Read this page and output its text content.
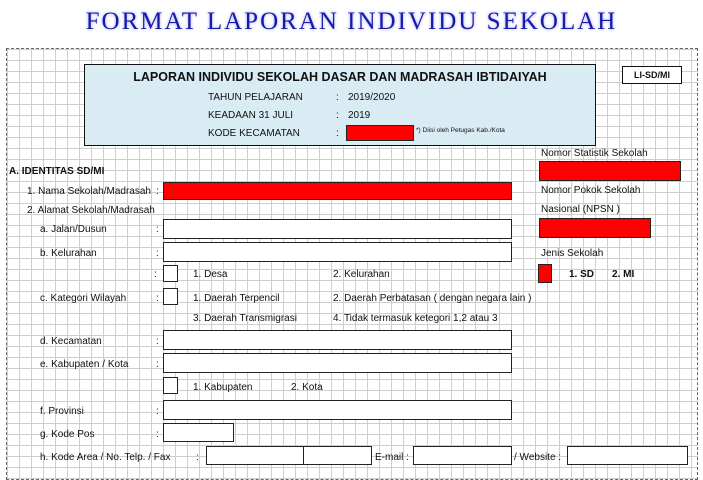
FORMAT LAPORAN INDIVIDU SEKOLAH
LAPORAN INDIVIDU SEKOLAH DASAR DAN MADRASAH IBTIDAIYAH
TAHUN PELAJARAN	: 2019/2020
KEADAAN 31 JULI	: 2019
KODE KECAMATAN	:	*) Diisi oleh Petugas Kab./Kota
LI-SD/MI
Nomor Statistik Sekolah
Nomor Pokok Sekolah
Nasional (NPSN )
Jenis Sekolah
1. SD 2. MI
A. IDENTITAS SD/MI
1. Nama Sekolah/Madrasah :
2. Alamat Sekolah/Madrasah
a. Jalan/Dusun	:
b. Kelurahan	:
:	1. Desa	2. Kelurahan
c. Kategori Wilayah	:	1. Daerah Terpencil	2. Daerah Perbatasan ( dengan negara lain )
3. Daerah Transmigrasi	4. Tidak termasuk ketegori 1,2 atau 3
d. Kecamatan	:
e. Kabupaten / Kota	:
1. Kabupaten	2. Kota
f. Provinsi	:
g. Kode Pos	:
h. Kode Area / No. Telp. / Fax	:	E-mail :	/ Website :
